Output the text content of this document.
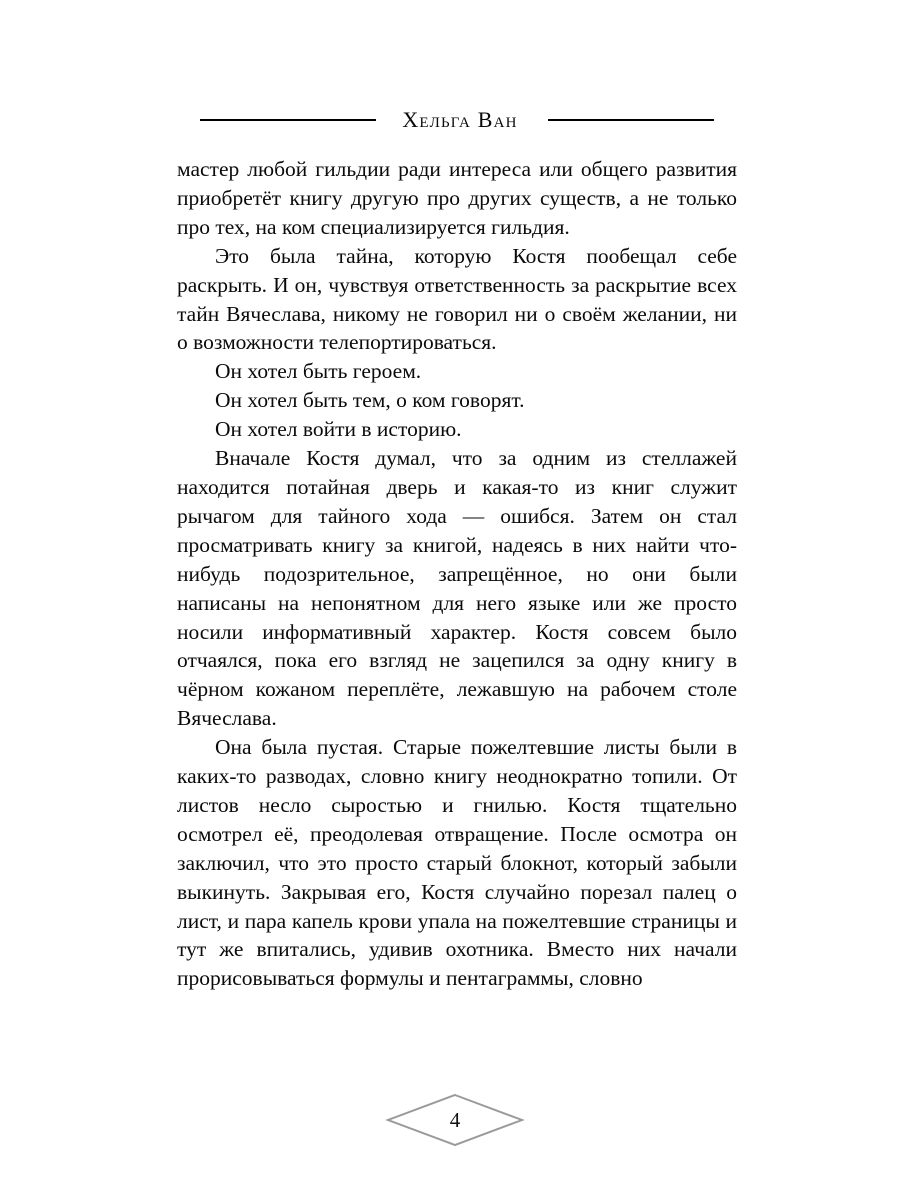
Хельга Ван

мастер любой гильдии ради интереса или общего развития приобретёт книгу другую про других существ, а не только про тех, на ком специализируется гильдия.

Это была тайна, которую Костя пообещал себе раскрыть. И он, чувствуя ответственность за раскрытие всех тайн Вячеслава, никому не говорил ни о своём желании, ни о возможности телепортироваться.

Он хотел быть героем.

Он хотел быть тем, о ком говорят.

Он хотел войти в историю.

Вначале Костя думал, что за одним из стеллажей находится потайная дверь и какая-то из книг служит рычагом для тайного хода — ошибся. Затем он стал просматривать книгу за книгой, надеясь в них найти что-нибудь подозрительное, запрещённое, но они были написаны на непонятном для него языке или же просто носили информативный характер. Костя совсем было отчаялся, пока его взгляд не зацепился за одну книгу в чёрном кожаном переплёте, лежавшую на рабочем столе Вячеслава.

Она была пустая. Старые пожелтевшие листы были в каких-то разводах, словно книгу неоднократно топили. От листов несло сыростью и гнилью. Костя тщательно осмотрел её, преодолевая отвращение. После осмотра он заключил, что это просто старый блокнот, который забыли выкинуть. Закрывая его, Костя случайно порезал палец о лист, и пара капель крови упала на пожелтевшие страницы и тут же впитались, удивив охотника. Вместо них начали прорисовываться формулы и пентаграммы, словно

4
